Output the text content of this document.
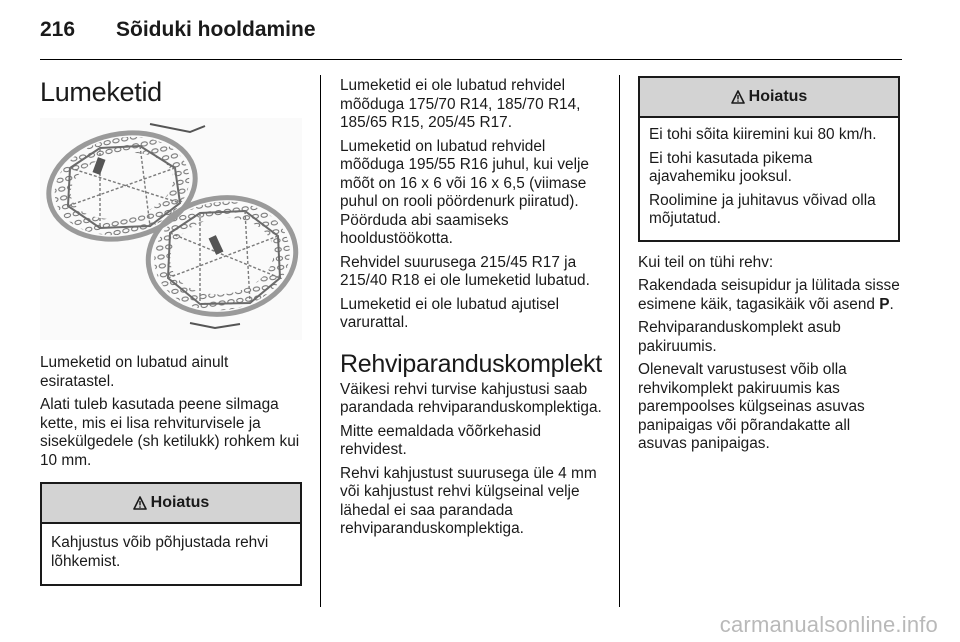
216 Sõiduki hooldamine
Lumeketid

Lumeketid on lubatud ainult esiratastel.

Alati tuleb kasutada peene silmaga kette, mis ei lisa rehviturvisele ja sisekülgedele (sh ketilukk) rohkem kui 10 mm.

Hoiatus

Kahjustus võib põhjustada rehvi lõhkemist.

Lumeketid ei ole lubatud rehvidel mõõduga 175/70 R14, 185/70 R14, 185/65 R15, 205/45 R17.

Lumeketid on lubatud rehvidel mõõduga 195/55 R16 juhul, kui velje mõõt on 16 x 6 või 16 x 6,5 (viimase puhul on rooli pöördenurk piiratud). Pöörduda abi saamiseks hooldustöökotta.

Rehvidel suurusega 215/45 R17 ja 215/40 R18 ei ole lumeketid lubatud.

Lumeketid ei ole lubatud ajutisel varurattal.

Rehviparanduskomplekt

Väikesi rehvi turvise kahjustusi saab parandada rehviparanduskomplektiga.

Mitte eemaldada võõrkehasid rehvidest.

Rehvi kahjustust suurusega üle 4 mm või kahjustust rehvi külgseinal velje lähedal ei saa parandada rehviparanduskomplektiga.

Hoiatus

Ei tohi sõita kiiremini kui 80 km/h.

Ei tohi kasutada pikema ajavahemiku jooksul.

Roolimine ja juhitavus võivad olla mõjutatud.

Kui teil on tühi rehv:

Rakendada seisupidur ja lülitada sisse esimene käik, tagasikäik või asend P.

Rehviparanduskomplekt asub pakiruumis.

Olenevalt varustusest võib olla rehvikomplekt pakiruumis kas parempoolses külgseinas asuvas panipaigas või põrandakatte all asuvas panipaigas.

carmanualsonline.info
